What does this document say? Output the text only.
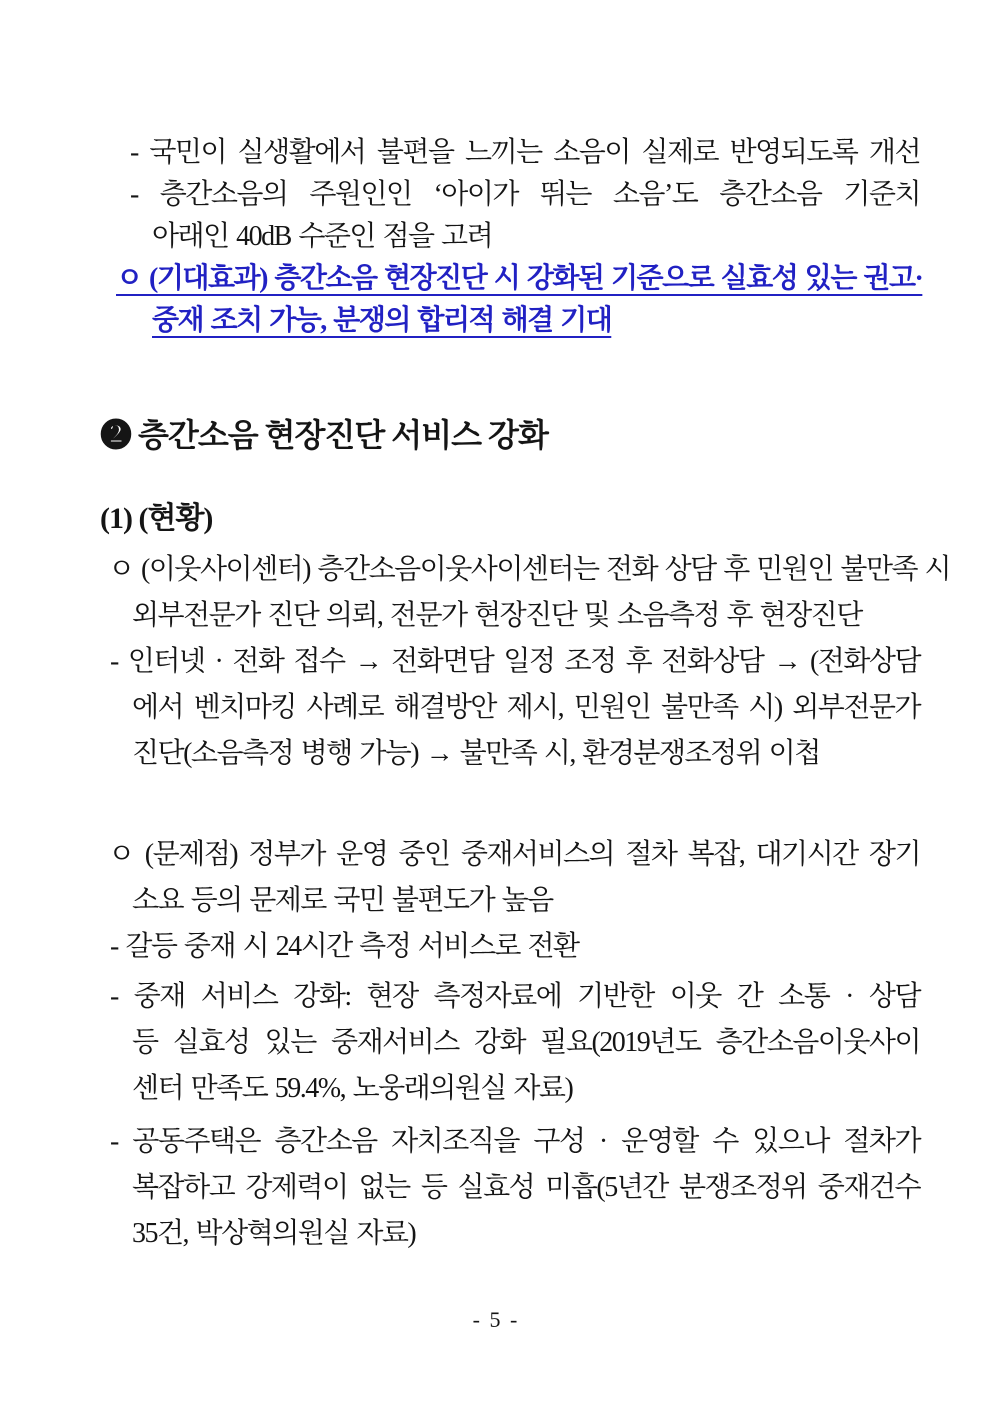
- 국민이 실생활에서 불편을 느끼는 소음이 실제로 반영되도록 개선
- 층간소음의 주원인인 ‘아이가 뛰는 소음’도 층간소음 기준치
아래인 40dB 수준인 점을 고려
ㅇ (기대효과) 층간소음 현장진단 시 강화된 기준으로 실효성 있는 권고·
중재 조치 가능, 분쟁의 합리적 해결 기대
❷ 층간소음 현장진단 서비스 강화
(1) (현황)
ㅇ (이웃사이센터) 층간소음이웃사이센터는 전화 상담 후 민원인 불만족 시
외부전문가 진단 의뢰, 전문가 현장진단 및 소음측정 후 현장진단
- 인터넷 · 전화 접수 → 전화면담 일정 조정 후 전화상담 → (전화상담
에서 벤치마킹 사례로 해결방안 제시, 민원인 불만족 시) 외부전문가
진단(소음측정 병행 가능) → 불만족 시, 환경분쟁조정위 이첩
ㅇ (문제점) 정부가 운영 중인 중재서비스의 절차 복잡, 대기시간 장기
소요 등의 문제로 국민 불편도가 높음
- 갈등 중재 시 24시간 측정 서비스로 전환
- 중재 서비스 강화: 현장 측정자료에 기반한 이웃 간 소통 · 상담
등 실효성 있는 중재서비스 강화 필요(2019년도 층간소음이웃사이
센터 만족도 59.4%, 노웅래의원실 자료)
- 공동주택은 층간소음 자치조직을 구성 · 운영할 수 있으나 절차가
복잡하고 강제력이 없는 등 실효성 미흡(5년간 분쟁조정위 중재건수
35건, 박상혁의원실 자료)
- 5 -
